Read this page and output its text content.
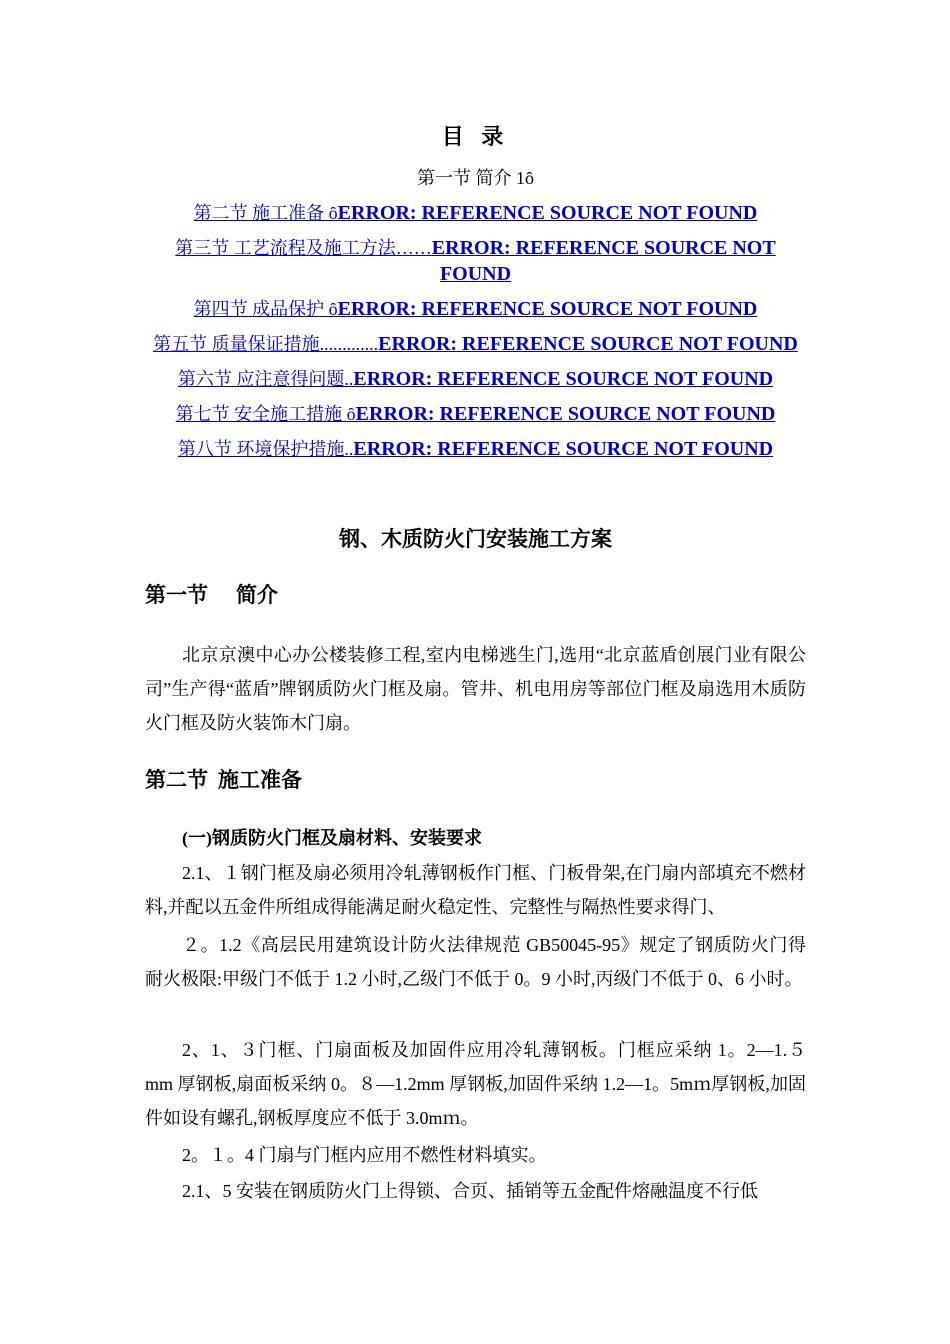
目 录
第一节 简介 1ȏ
第二节 施工准备 ȏERROR: REFERENCE SOURCE NOT FOUND
第三节 工艺流程及施工方法……ERROR: REFERENCE SOURCE NOT FOUND
第四节 成品保护 ȏERROR: REFERENCE SOURCE NOT FOUND
第五节 质量保证措施.............ERROR: REFERENCE SOURCE NOT FOUND
第六节 应注意得问题..ERROR: REFERENCE SOURCE NOT FOUND
第七节 安全施工措施 ȏERROR: REFERENCE SOURCE NOT FOUND
第八节 环境保护措施..ERROR: REFERENCE SOURCE NOT FOUND
钢、木质防火门安装施工方案
第一节 简介

北京京澳中心办公楼装修工程,室内电梯逃生门,选用“北京蓝盾创展门业有限公司”生产得“蓝盾”牌钢质防火门框及扇。管井、机电用房等部位门框及扇选用木质防火门框及防火装饰木门扇。

第二节 施工准备
(一)钢质防火门框及扇材料、安装要求

2.1、１钢门框及扇必须用冷轧薄钢板作门框、门板骨架,在门扇内部填充不燃材料,并配以五金件所组成得能满足耐火稳定性、完整性与隔热性要求得门、

２。1.2《高层民用建筑设计防火法律规范 GB50045-95》规定了钢质防火门得耐火极限:甲级门不低于 1.2 小时,乙级门不低于 0。9 小时,丙级门不低于 0、6 小时。

2、1、３门框、门扇面板及加固件应用冷轧薄钢板。门框应采纳 1。2—1.５ mm 厚钢板,扇面板采纳 0。８—1.2mm 厚钢板,加固件采纳 1.2—1。5mｍ厚钢板,加固件如设有螺孔,钢板厚度应不低于 3.0mｍ。

2。１。4 门扇与门框内应用不燃性材料填实。

2.1、5 安装在钢质防火门上得锁、合页、插销等五金配件熔融温度不行低
